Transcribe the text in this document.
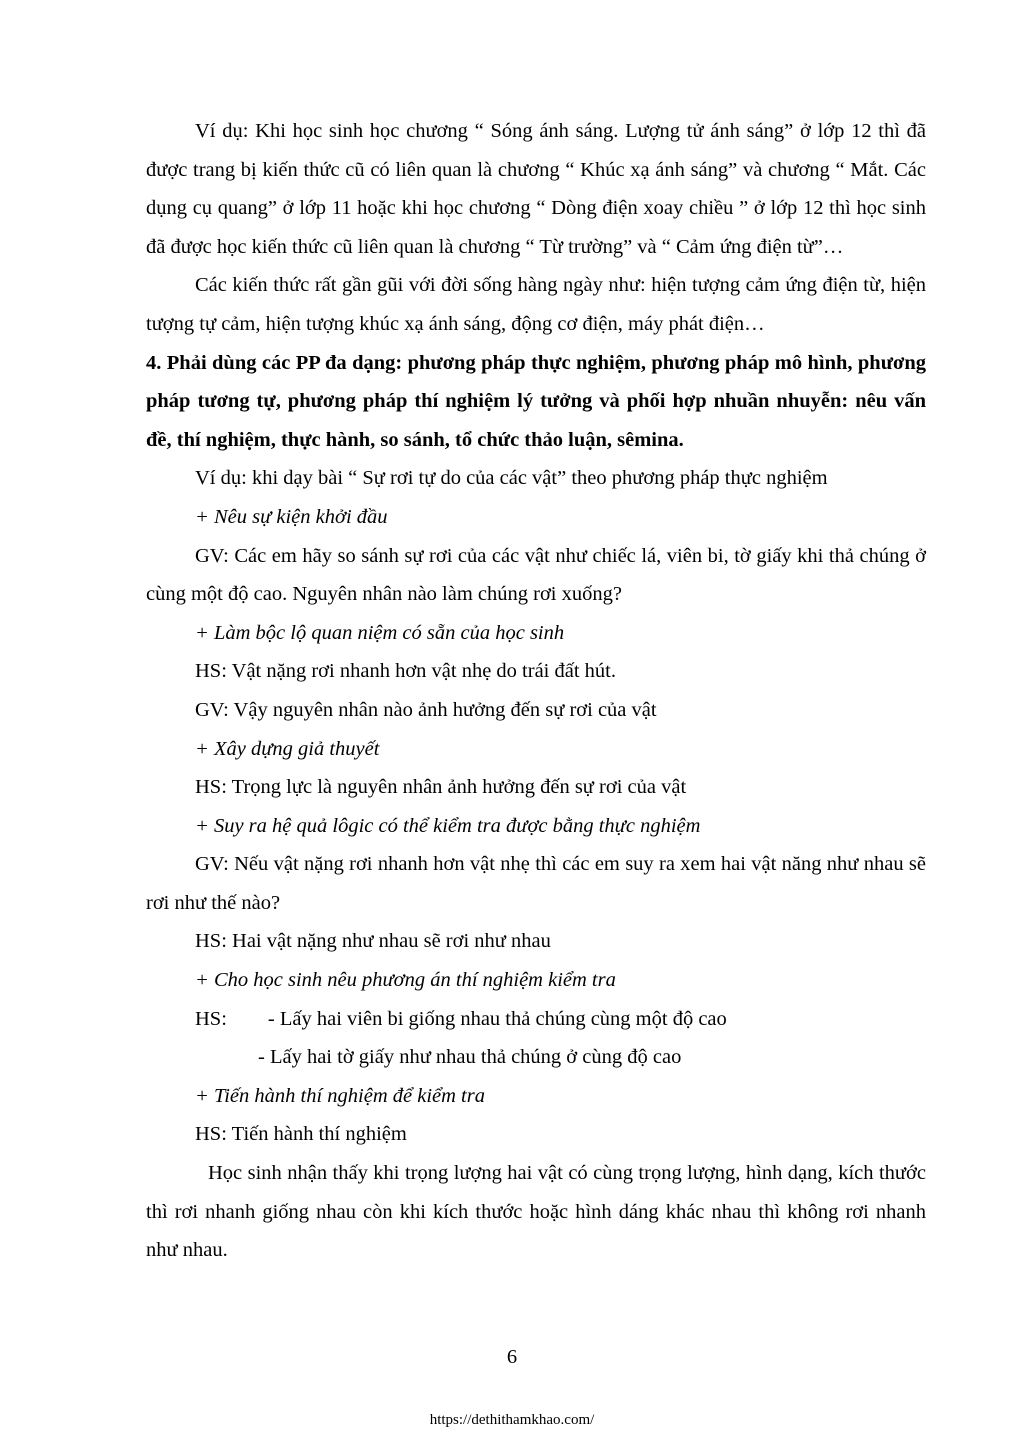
Ví dụ: Khi học sinh học chương “ Sóng ánh sáng. Lượng tử ánh sáng” ở lớp 12 thì đã được trang bị kiến thức cũ có liên quan là chương “ Khúc xạ ánh sáng” và chương “ Mắt. Các dụng cụ quang” ở lớp 11 hoặc khi học chương “ Dòng điện xoay chiều ” ở lớp 12 thì học sinh đã được học kiến thức cũ liên quan là chương “ Từ trường” và “ Cảm ứng điện từ”…

Các kiến thức rất gần gũi với đời sống hàng ngày như: hiện tượng cảm ứng điện từ, hiện tượng tự cảm, hiện tượng khúc xạ ánh sáng, động cơ điện, máy phát điện…

4. Phải dùng các PP đa dạng: phương pháp thực nghiệm, phương pháp mô hình, phương pháp tương tự, phương pháp thí nghiệm lý tưởng và phối hợp nhuần nhuyễn: nêu vấn đề, thí nghiệm, thực hành, so sánh, tổ chức thảo luận, sêmina.

Ví dụ: khi dạy bài “ Sự rơi tự do của các vật” theo phương pháp thực nghiệm

+ Nêu sự kiện khởi đầu

GV: Các em hãy so sánh sự rơi của các vật như chiếc lá, viên bi, tờ giấy khi thả chúng ở cùng một độ cao. Nguyên nhân nào làm chúng rơi xuống?

+ Làm bộc lộ quan niệm có sẵn của học sinh

HS: Vật nặng rơi nhanh hơn vật nhẹ do trái đất hút.

GV: Vậy nguyên nhân nào ảnh hưởng đến sự rơi của vật

+ Xây dựng giả thuyết

HS: Trọng lực là nguyên nhân ảnh hưởng đến sự rơi của vật

+ Suy ra hệ quả lôgic có thể kiểm tra được bằng thực nghiệm

GV: Nếu vật nặng rơi nhanh hơn vật nhẹ thì các em suy ra xem hai vật năng như nhau sẽ rơi như thế nào?

HS: Hai vật nặng như nhau sẽ rơi như nhau

+ Cho học sinh nêu phương án thí nghiệm kiểm tra

HS: - Lấy hai viên bi giống nhau thả chúng cùng một độ cao

- Lấy hai tờ giấy như nhau thả chúng ở cùng độ cao

+ Tiến hành thí nghiệm để kiểm tra

HS: Tiến hành thí nghiệm

Học sinh nhận thấy khi trọng lượng hai vật có cùng trọng lượng, hình dạng, kích thước thì rơi nhanh giống nhau còn khi kích thước hoặc hình dáng khác nhau thì không rơi nhanh như nhau.

6
https://dethithamkhao.com/
